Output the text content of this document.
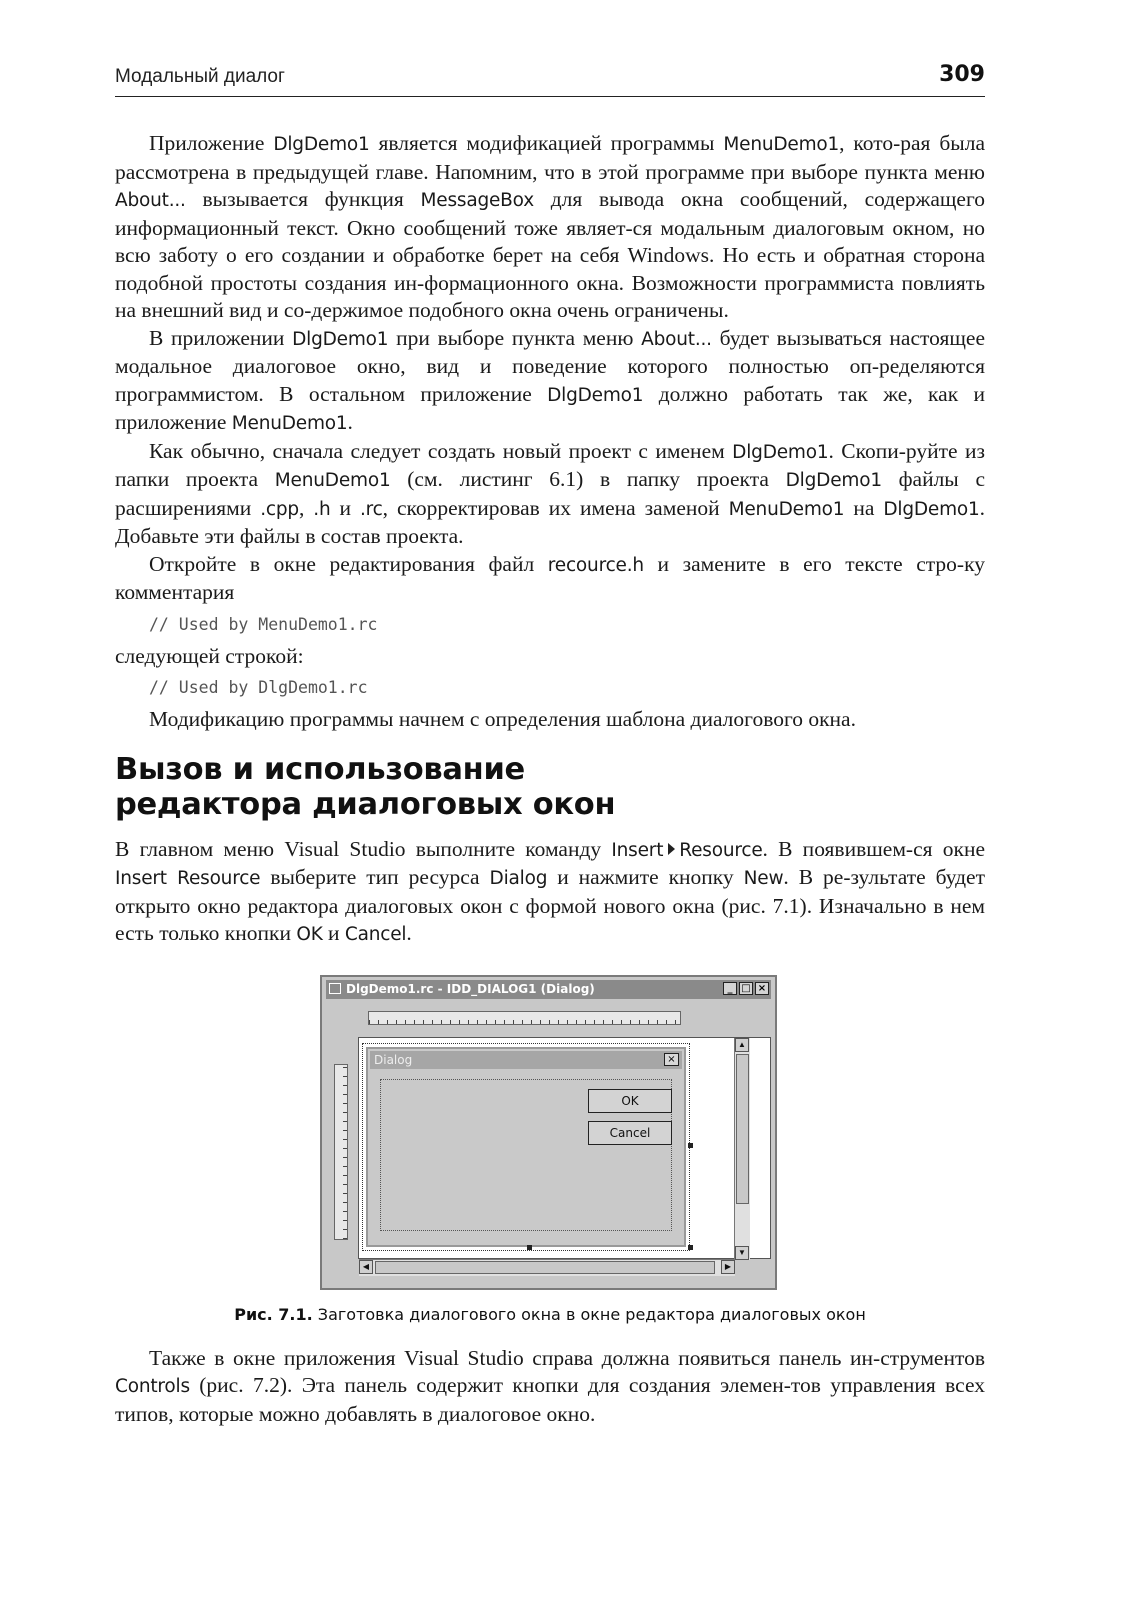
Модальный диалог	309

Приложение DlgDemo1 является модификацией программы MenuDemo1, кото-рая была рассмотрена в предыдущей главе. Напомним, что в этой программе при выборе пункта меню About... вызывается функция MessageBox для вывода окна сообщений, содержащего информационный текст. Окно сообщений тоже являет-ся модальным диалоговым окном, но всю заботу о его создании и обработке берет на себя Windows. Но есть и обратная сторона подобной простоты создания ин-формационного окна. Возможности программиста повлиять на внешний вид и со-держимое подобного окна очень ограничены.

В приложении DlgDemo1 при выборе пункта меню About... будет вызываться настоящее модальное диалоговое окно, вид и поведение которого полностью оп-ределяются программистом. В остальном приложение DlgDemo1 должно работать так же, как и приложение MenuDemo1.

Как обычно, сначала следует создать новый проект с именем DlgDemo1. Скопи-руйте из папки проекта MenuDemo1 (см. листинг 6.1) в папку проекта DlgDemo1 файлы с расширениями .cpp, .h и .rc, скорректировав их имена заменой MenuDemo1 на DlgDemo1. Добавьте эти файлы в состав проекта.

Откройте в окне редактирования файл recource.h и замените в его тексте стро-ку комментария

// Used by MenuDemo1.rc

следующей строкой:

// Used by DlgDemo1.rc

Модификацию программы начнем с определения шаблона диалогового окна.

Вызов и использование
редактора диалоговых окон

В главном меню Visual Studio выполните команду Insert Resource. В появившем-ся окне Insert Resource выберите тип ресурса Dialog и нажмите кнопку New. В ре-зультате будет открыто окно редактора диалоговых окон с формой нового окна (рис. 7.1). Изначально в нем есть только кнопки OK и Cancel.

DlgDemo1.rc - IDD_DIALOG1 (Dialog)	_ □ ×
Dialog	×
OK
Cancel
▲
▼
◀	▶
Рис. 7.1. Заготовка диалогового окна в окне редактора диалоговых окон

Также в окне приложения Visual Studio справа должна появиться панель ин-струментов Controls (рис. 7.2). Эта панель содержит кнопки для создания элемен-тов управления всех типов, которые можно добавлять в диалоговое окно.
